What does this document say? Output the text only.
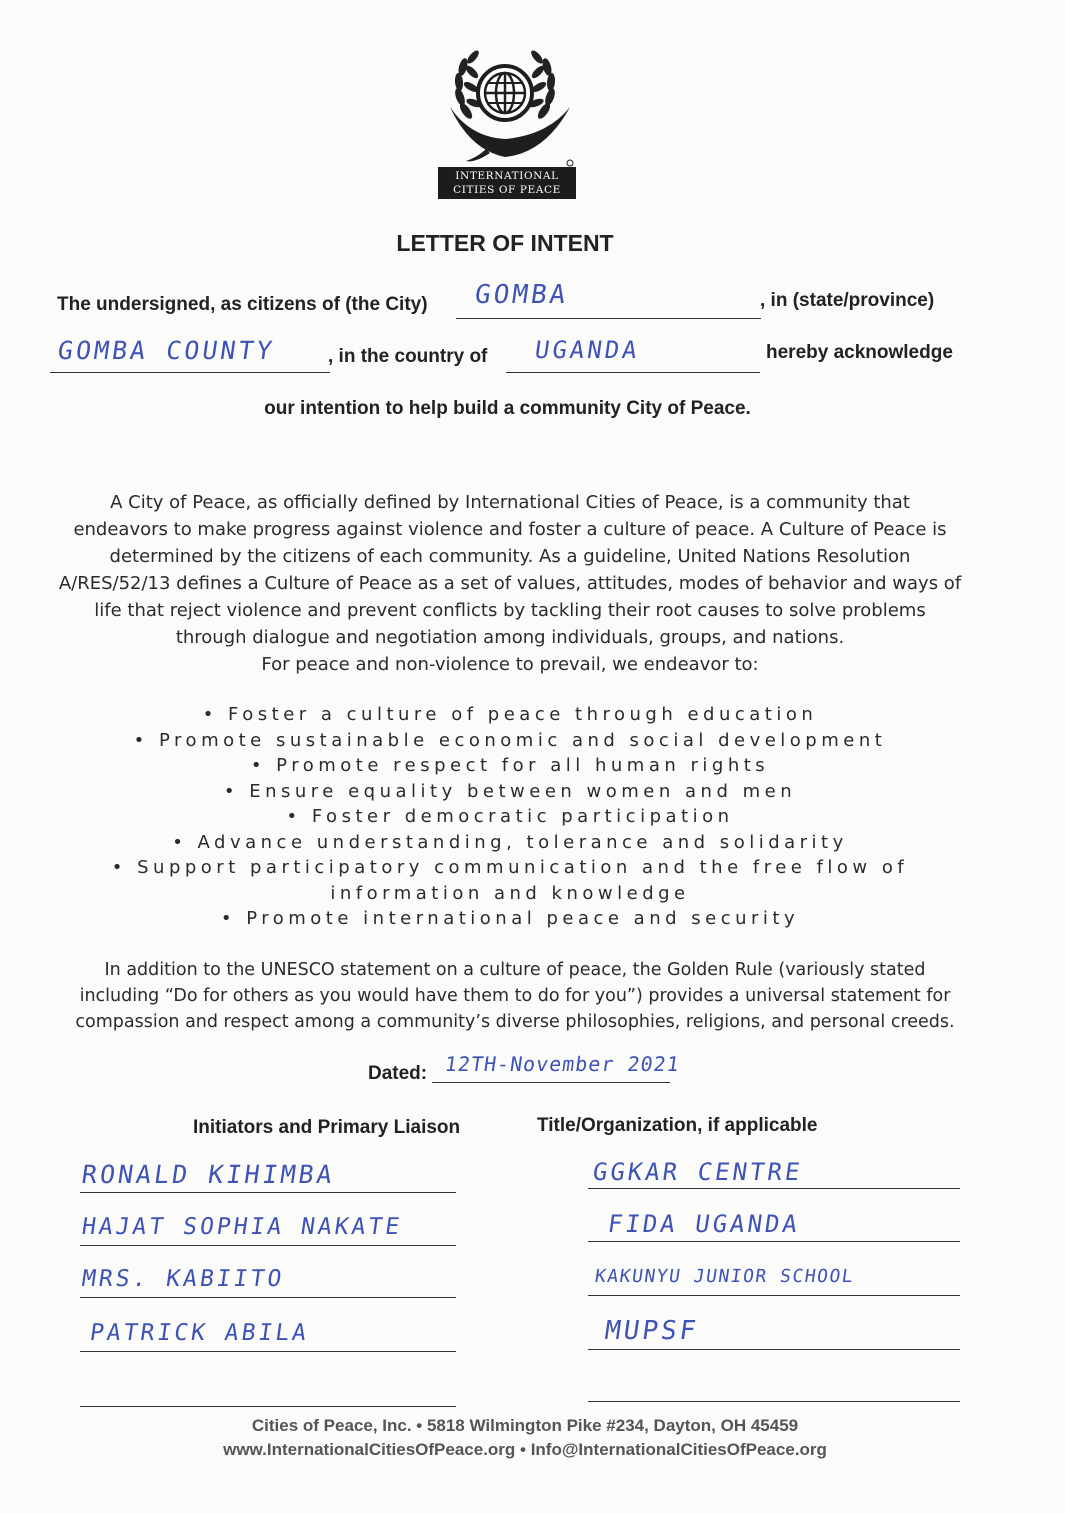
INTERNATIONAL
CITIES OF PEACE
LETTER OF INTENT
The undersigned, as citizens of (the City) GOMBA	, in (state/province)
GOMBA COUNTY	, in the country of UGANDA	hereby acknowledge
our intention to help build a community City of Peace.
A City of Peace, as officially defined by International Cities of Peace, is a community that
endeavors to make progress against violence and foster a culture of peace. A Culture of Peace is
determined by the citizens of each community. As a guideline, United Nations Resolution
A/RES/52/13 defines a Culture of Peace as a set of values, attitudes, modes of behavior and ways of
life that reject violence and prevent conflicts by tackling their root causes to solve problems
through dialogue and negotiation among individuals, groups, and nations.
For peace and non-violence to prevail, we endeavor to:
• Foster a culture of peace through education
• Promote sustainable economic and social development
• Promote respect for all human rights
• Ensure equality between women and men
• Foster democratic participation
• Advance understanding, tolerance and solidarity
• Support participatory communication and the free flow of
information and knowledge
• Promote international peace and security
In addition to the UNESCO statement on a culture of peace, the Golden Rule (variously stated
including “Do for others as you would have them to do for you”) provides a universal statement for
compassion and respect among a community’s diverse philosophies, religions, and personal creeds.
Dated: 12TH-November 2021
Initiators and Primary Liaison	Title/Organization, if applicable
RONALD KIHIMBA	GGKAR CENTRE
HAJAT SOPHIA NAKATE	FIDA UGANDA
MRS. KABIITO	KAKUNYU JUNIOR SCHOOL
PATRICK ABILA	MUPSF
Cities of Peace, Inc. • 5818 Wilmington Pike #234, Dayton, OH 45459
www.InternationalCitiesOfPeace.org • Info@InternationalCitiesOfPeace.org
